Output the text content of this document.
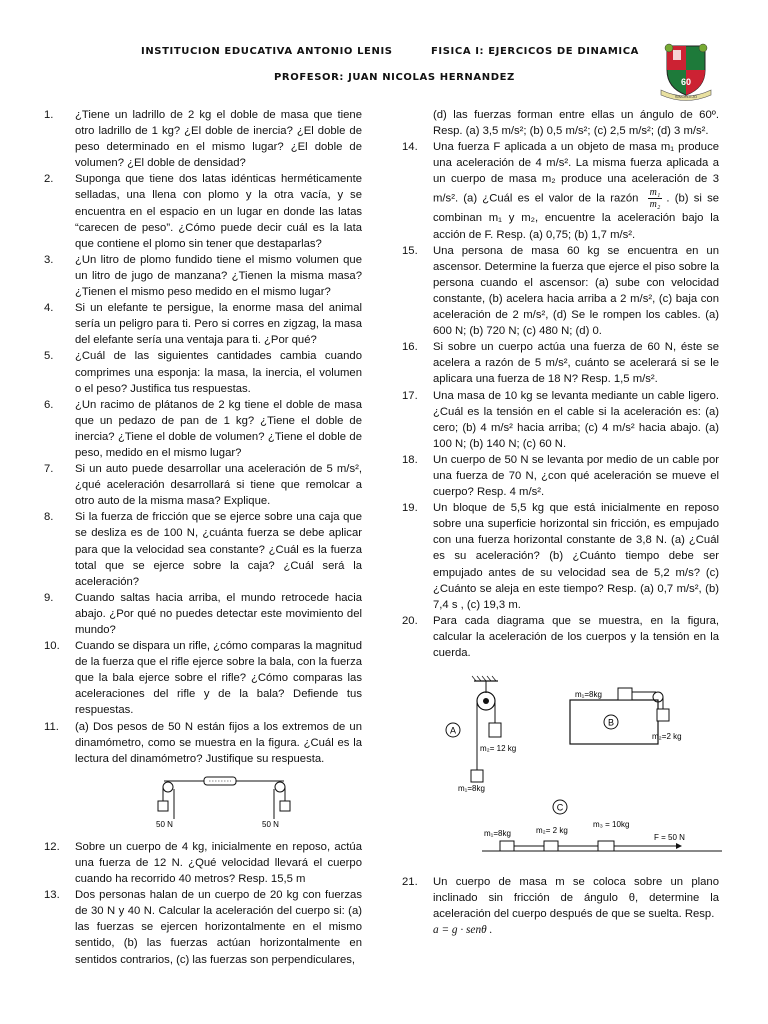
INSTITUCION EDUCATIVA ANTONIO LENIS	FISICA I: EJERCICOS DE DINAMICA
PROFESOR: JUAN NICOLAS HERNANDEZ	60
SINCELEJO
1.	¿Tiene un ladrillo de 2 kg el doble de masa que tiene otro ladrillo de 1 kg? ¿El doble de inercia? ¿El doble de peso determinado en el mismo lugar? ¿El doble de volumen? ¿El doble de densidad?
2.	Suponga que tiene dos latas idénticas herméticamente selladas, una llena con plomo y la otra vacía, y se encuentra en el espacio en un lugar en donde las latas “carecen de peso”. ¿Cómo puede decir cuál es la lata que contiene el plomo sin tener que destaparlas?
3.	¿Un litro de plomo fundido tiene el mismo volumen que un litro de jugo de manzana? ¿Tienen la misma masa? ¿Tienen el mismo peso medido en el mismo lugar?
4.	Si un elefante te persigue, la enorme masa del animal sería un peligro para ti. Pero si corres en zigzag, la masa del elefante sería una ventaja para ti. ¿Por qué?
5.	¿Cuál de las siguientes cantidades cambia cuando comprimes una esponja: la masa, la inercia, el volumen o el peso? Justifica tus respuestas.
6.	¿Un racimo de plátanos de 2 kg tiene el doble de masa que un pedazo de pan de 1 kg? ¿Tiene el doble de inercia? ¿Tiene el doble de volumen? ¿Tiene el doble de peso, medido en el mismo lugar?
7.	Si un auto puede desarrollar una aceleración de 5 m/s², ¿qué aceleración desarrollará si tiene que remolcar a otro auto de la misma masa? Explique.
8.	Si la fuerza de fricción que se ejerce sobre una caja que se desliza es de 100 N, ¿cuánta fuerza se debe aplicar para que la velocidad sea constante? ¿Cuál es la fuerza total que se ejerce sobre la caja? ¿Cuál será la aceleración?
9.	Cuando saltas hacia arriba, el mundo retrocede hacia abajo. ¿Por qué no puedes detectar este movimiento del mundo?
10.	Cuando se dispara un rifle, ¿cómo comparas la magnitud de la fuerza que el rifle ejerce sobre la bala, con la fuerza que la bala ejerce sobre el rifle? ¿Cómo comparas las aceleraciones del rifle y de la bala? Defiende tus respuestas.
11.	(a) Dos pesos de 50 N están fijos a los extremos de un dinamómetro, como se muestra en la figura. ¿Cuál es la lectura del dinamómetro? Justifique su respuesta.
12.	Sobre un cuerpo de 4 kg, inicialmente en reposo, actúa una fuerza de 12 N. ¿Qué velocidad llevará el cuerpo cuando ha recorrido 40 metros? Resp. 15,5 m
13.	Dos personas halan de un cuerpo de 20 kg con fuerzas de 30 N y 40 N. Calcular la aceleración del cuerpo si: (a) las fuerzas se ejercen horizontalmente en el mismo sentido, (b) las fuerzas actúan horizontalmente en sentidos contrarios, (c) las fuerzas son perpendiculares,
50 N	50 N
(d) las fuerzas forman entre ellas un ángulo de 60º. Resp. (a) 3,5 m/s²; (b) 0,5 m/s²; (c) 2,5 m/s²; (d) 3 m/s².
14.	Una fuerza F aplicada a un objeto de masa m₁ produce una aceleración de 4 m/s². La misma fuerza aplicada a un cuerpo de masa m₂ produce una aceleración de 3 m/s². (a) ¿Cuál es el valor de la razón $\frac{\text{m₁}}{\text{m₂}}$ . (b) si se combinan m₁ y m₂, encuentre la aceleración bajo la acción de F. Resp. (a) 0,75; (b) 1,7 m/s².
15.	Una persona de masa 60 kg se encuentra en un ascensor. Determine la fuerza que ejerce el piso sobre la persona cuando el ascensor: (a) sube con velocidad constante, (b) acelera hacia arriba a 2 m/s², (c) baja con aceleración de 2 m/s², (d) Se le rompen los cables. (a) 600 N; (b) 720 N; (c) 480 N; (d) 0.
16.	Si sobre un cuerpo actúa una fuerza de 60 N, éste se acelera a razón de 5 m/s², cuánto se acelerará si se le aplicara una fuerza de 18 N? Resp. 1,5 m/s².
17.	Una masa de 10 kg se levanta mediante un cable ligero. ¿Cuál es la tensión en el cable si la aceleración es: (a) cero; (b) 4 m/s² hacia arriba; (c) 4 m/s² hacia abajo. (a) 100 N; (b) 140 N; (c) 60 N.
18.	Un cuerpo de 50 N se levanta por medio de un cable por una fuerza de 70 N, ¿con qué aceleración se mueve el cuerpo? Resp. 4 m/s².
19.	Un bloque de 5,5 kg que está inicialmente en reposo sobre una superficie horizontal sin fricción, es empujado con una fuerza horizontal constante de 3,8 N. (a) ¿Cuál es su aceleración? (b) ¿Cuánto tiempo debe ser empujado antes de su velocidad sea de 5,2 m/s? (c) ¿Cuánto se aleja en este tiempo? Resp. (a) 0,7 m/s², (b) 7,4 s , (c) 19,3 m.
20.	Para cada diagrama que se muestra, en la figura, calcular la aceleración de los cuerpos y la tensión en la cuerda.
A
m₂= 12 kg
m₁=8kg
m₁=8kg
m₂=2 kg
B
C
m₁=8kg	m₂= 2 kg
m₃ = 10kg
F = 50 N
21.	Un cuerpo de masa m se coloca sobre un plano inclinado sin fricción de ángulo θ, determine la aceleración del cuerpo después de que se suelta. Resp.
a = g · senθ .
